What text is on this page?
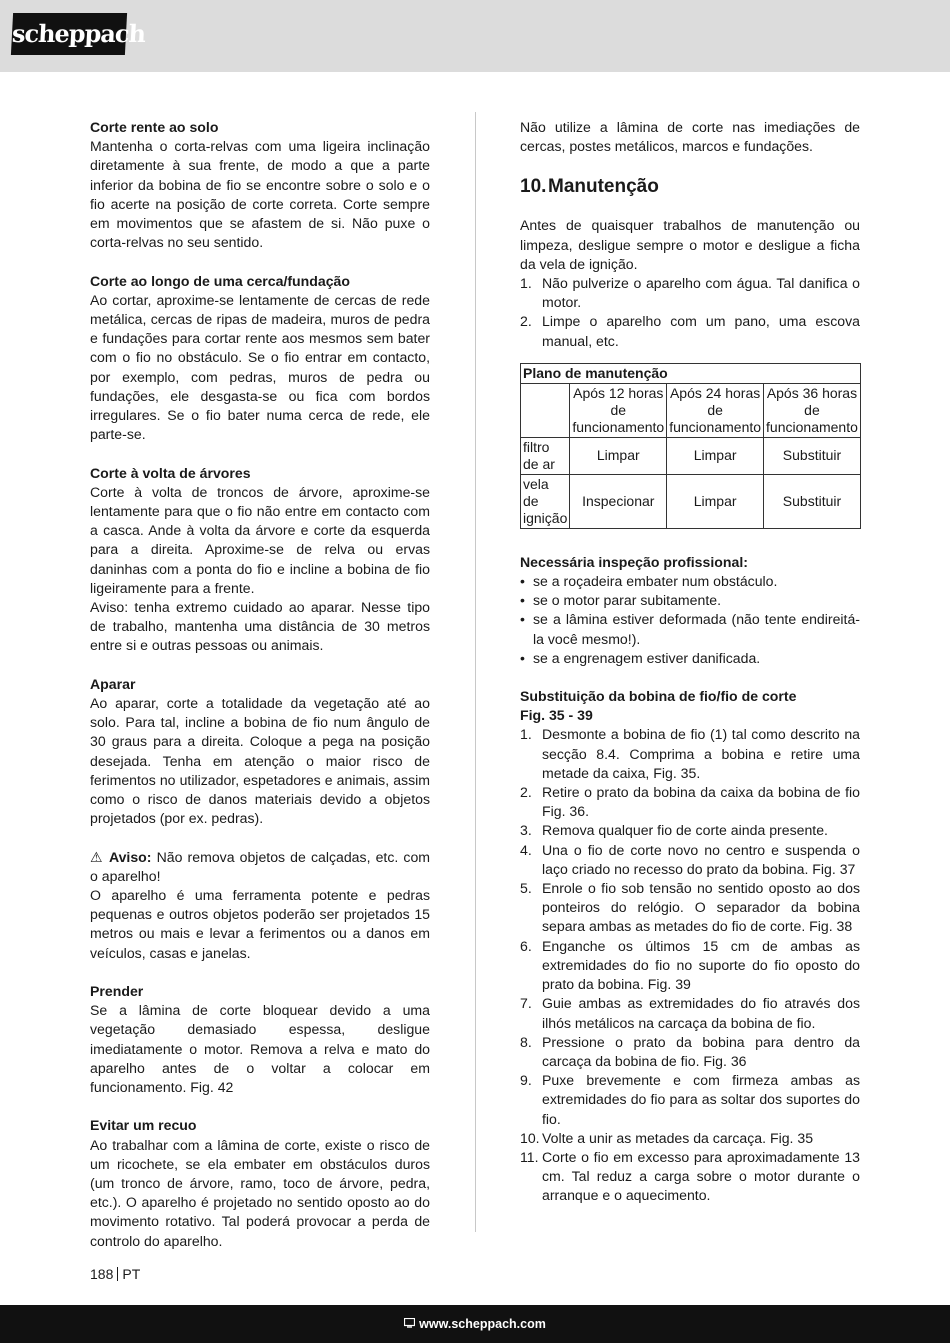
scheppach
Corte rente ao solo

Mantenha o corta-relvas com uma ligeira inclinação diretamente à sua frente, de modo a que a parte inferior da bobina de fio se encontre sobre o solo e o fio acerte na posição de corte correta. Corte sempre em movimentos que se afastem de si. Não puxe o corta-relvas no seu sentido.

Corte ao longo de uma cerca/fundação

Ao cortar, aproxime-se lentamente de cercas de rede metálica, cercas de ripas de madeira, muros de pedra e fundações para cortar rente aos mesmos sem bater com o fio no obstáculo. Se o fio entrar em contacto, por exemplo, com pedras, muros de pedra ou fundações, ele desgasta-se ou fica com bordos irregulares. Se o fio bater numa cerca de rede, ele parte-se.

Corte à volta de árvores

Corte à volta de troncos de árvore, aproxime-se lentamente para que o fio não entre em contacto com a casca. Ande à volta da árvore e corte da esquerda para a direita. Aproxime-se de relva ou ervas daninhas com a ponta do fio e incline a bobina de fio ligeiramente para a frente.

Aviso: tenha extremo cuidado ao aparar. Nesse tipo de trabalho, mantenha uma distância de 30 metros entre si e outras pessoas ou animais.

Aparar

Ao aparar, corte a totalidade da vegetação até ao solo. Para tal, incline a bobina de fio num ângulo de 30 graus para a direita. Coloque a pega na posição desejada. Tenha em atenção o maior risco de ferimentos no utilizador, espetadores e animais, assim como o risco de danos materiais devido a objetos projetados (por ex. pedras).

⚠ Aviso: Não remova objetos de calçadas, etc. com o aparelho!

O aparelho é uma ferramenta potente e pedras pequenas e outros objetos poderão ser projetados 15 metros ou mais e levar a ferimentos ou a danos em veículos, casas e janelas.

Prender

Se a lâmina de corte bloquear devido a uma vegetação demasiado espessa, desligue imediatamente o motor. Remova a relva e mato do aparelho antes de o voltar a colocar em funcionamento. Fig. 42

Evitar um recuo

Ao trabalhar com a lâmina de corte, existe o risco de um ricochete, se ela embater em obstáculos duros (um tronco de árvore, ramo, toco de árvore, pedra, etc.). O aparelho é projetado no sentido oposto ao do movimento rotativo. Tal poderá provocar a perda de controlo do aparelho.

Não utilize a lâmina de corte nas imediações de cercas, postes metálicos, marcos e fundações.

10.Manutenção

Antes de quaisquer trabalhos de manutenção ou limpeza, desligue sempre o motor e desligue a ficha da vela de ignição.

1. Não pulverize o aparelho com água. Tal danifica o motor.
2. Limpe o aparelho com um pano, uma escova manual, etc.
Plano de manutenção			
	Após 12 horas de funcionamento	Após 24 horas de funcionamento	Após 36 horas de funcionamento
filtro de ar	Limpar	Limpar	Substituir
vela de ignição	Inspecionar	Limpar	Substituir
Necessária inspeção profissional:
• se a roçadeira embater num obstáculo.
• se o motor parar subitamente.
• se a lâmina estiver deformada (não tente endireitá-la você mesmo!).
• se a engrenagem estiver danificada.
Substituição da bobina de fio/fio de corte
Fig. 35 - 39
1. Desmonte a bobina de fio (1) tal como descrito na secção 8.4. Comprima a bobina e retire uma metade da caixa, Fig. 35.
2. Retire o prato da bobina da caixa da bobina de fio Fig. 36.
3. Remova qualquer fio de corte ainda presente.
4. Una o fio de corte novo no centro e suspenda o laço criado no recesso do prato da bobina. Fig. 37
5. Enrole o fio sob tensão no sentido oposto ao dos ponteiros do relógio. O separador da bobina separa ambas as metades do fio de corte. Fig. 38
6. Enganche os últimos 15 cm de ambas as extremidades do fio no suporte do fio oposto do prato da bobina. Fig. 39
7. Guie ambas as extremidades do fio através dos ilhós metálicos na carcaça da bobina de fio.
8. Pressione o prato da bobina para dentro da carcaça da bobina de fio. Fig. 36
9. Puxe brevemente e com firmeza ambas as extremidades do fio para as soltar dos suportes do fio.
10. Volte a unir as metades da carcaça. Fig. 35
11. Corte o fio em excesso para aproximadamente 13 cm. Tal reduz a carga sobre o motor durante o arranque e o aquecimento.
188 PT
www.scheppach.com
